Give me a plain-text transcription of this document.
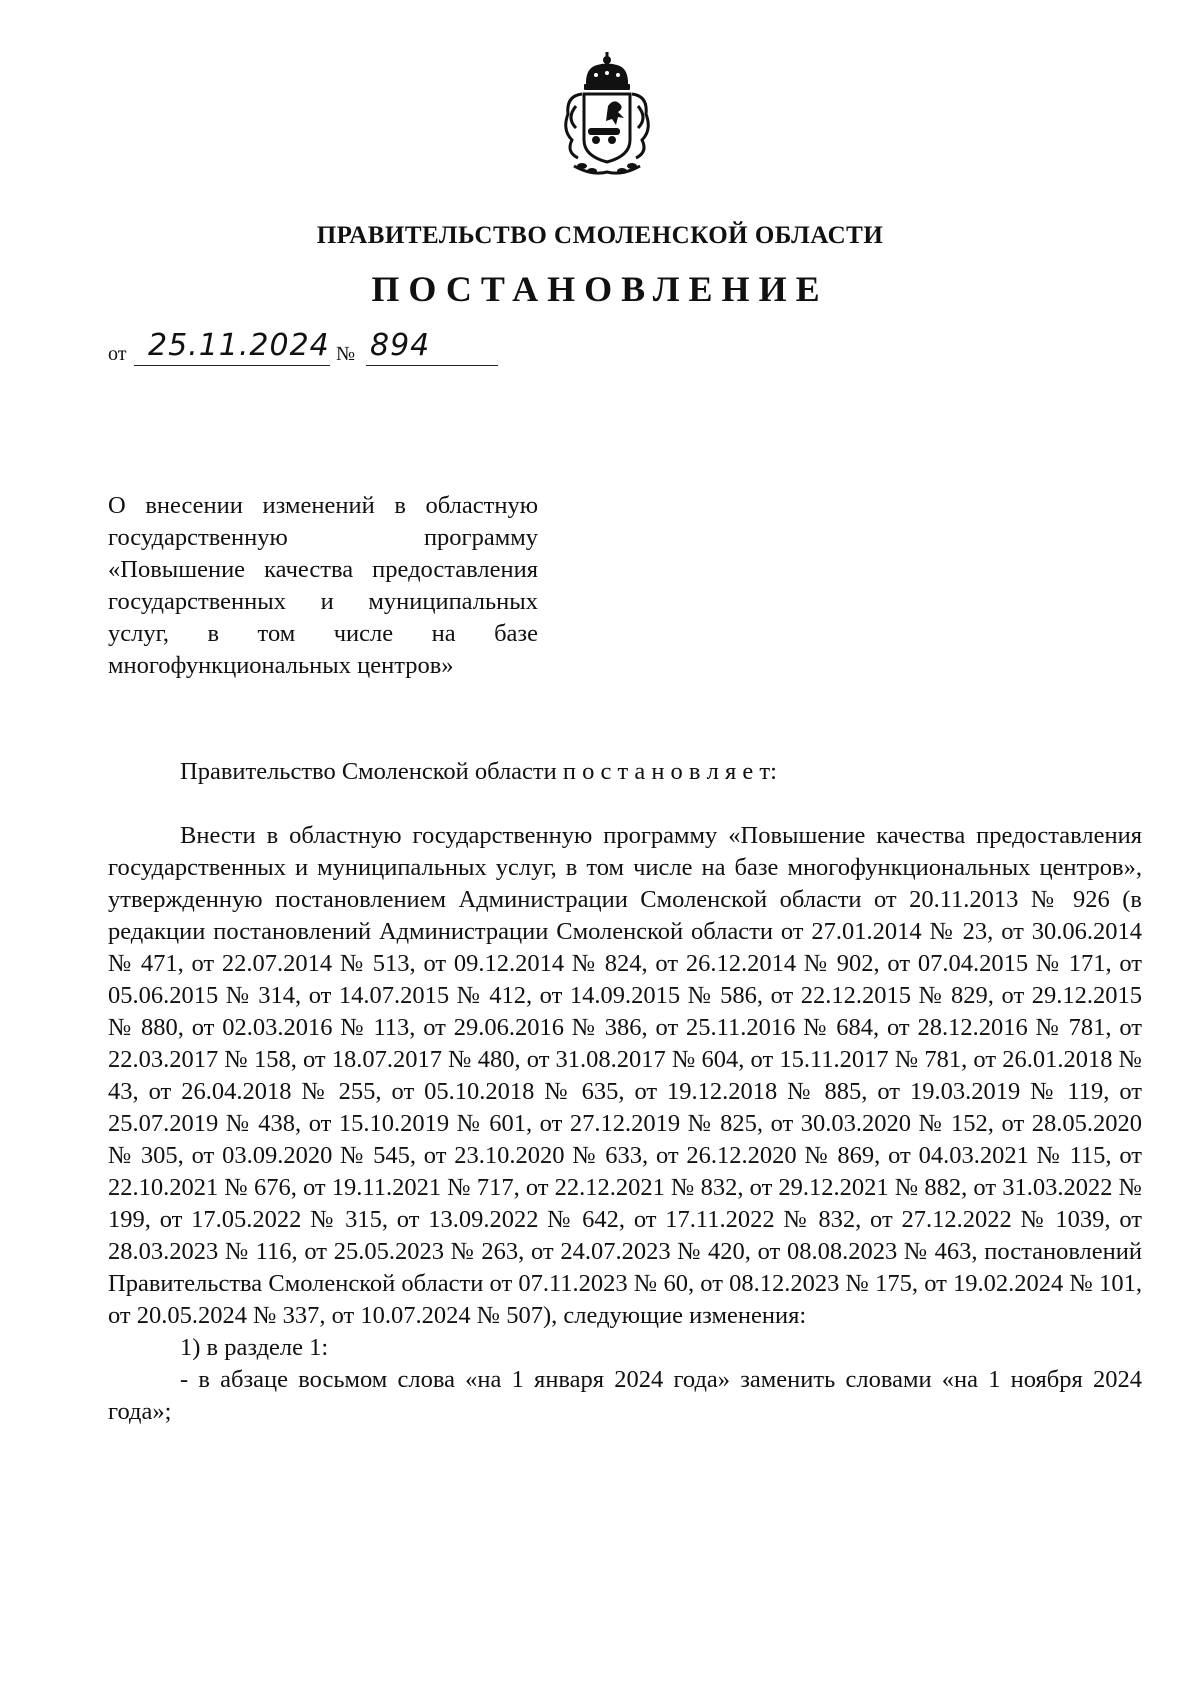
ПРАВИТЕЛЬСТВО СМОЛЕНСКОЙ ОБЛАСТИ
ПОСТАНОВЛЕНИЕ
от 25.11.2024 № 894
О внесении изменений в областную государственную программу «Повышение качества предоставления государственных и муниципальных услуг, в том числе на базе многофункциональных центров»
Правительство Смоленской области п о с т а н о в л я е т:

Внести в областную государственную программу «Повышение качества предоставления государственных и муниципальных услуг, в том числе на базе многофункциональных центров», утвержденную постановлением Администрации Смоленской области от 20.11.2013 № 926 (в редакции постановлений Администрации Смоленской области от 27.01.2014 № 23, от 30.06.2014 № 471, от 22.07.2014 № 513, от 09.12.2014 № 824, от 26.12.2014 № 902, от 07.04.2015 № 171, от 05.06.2015 № 314, от 14.07.2015 № 412, от 14.09.2015 № 586, от 22.12.2015 № 829, от 29.12.2015 № 880, от 02.03.2016 № 113, от 29.06.2016 № 386, от 25.11.2016 № 684, от 28.12.2016 № 781, от 22.03.2017 № 158, от 18.07.2017 № 480, от 31.08.2017 № 604, от 15.11.2017 № 781, от 26.01.2018 № 43, от 26.04.2018 № 255, от 05.10.2018 № 635, от 19.12.2018 № 885, от 19.03.2019 № 119, от 25.07.2019 № 438, от 15.10.2019 № 601, от 27.12.2019 № 825, от 30.03.2020 № 152, от 28.05.2020 № 305, от 03.09.2020 № 545, от 23.10.2020 № 633, от 26.12.2020 № 869, от 04.03.2021 № 115, от 22.10.2021 № 676, от 19.11.2021 № 717, от 22.12.2021 № 832, от 29.12.2021 № 882, от 31.03.2022 № 199, от 17.05.2022 № 315, от 13.09.2022 № 642, от 17.11.2022 № 832, от 27.12.2022 № 1039, от 28.03.2023 № 116, от 25.05.2023 № 263, от 24.07.2023 № 420, от 08.08.2023 № 463, постановлений Правительства Смоленской области от 07.11.2023 № 60, от 08.12.2023 № 175, от 19.02.2024 № 101, от 20.05.2024 № 337, от 10.07.2024 № 507), следующие изменения:

1) в разделе 1:

- в абзаце восьмом слова «на 1 января 2024 года» заменить словами «на 1 ноября 2024 года»;
